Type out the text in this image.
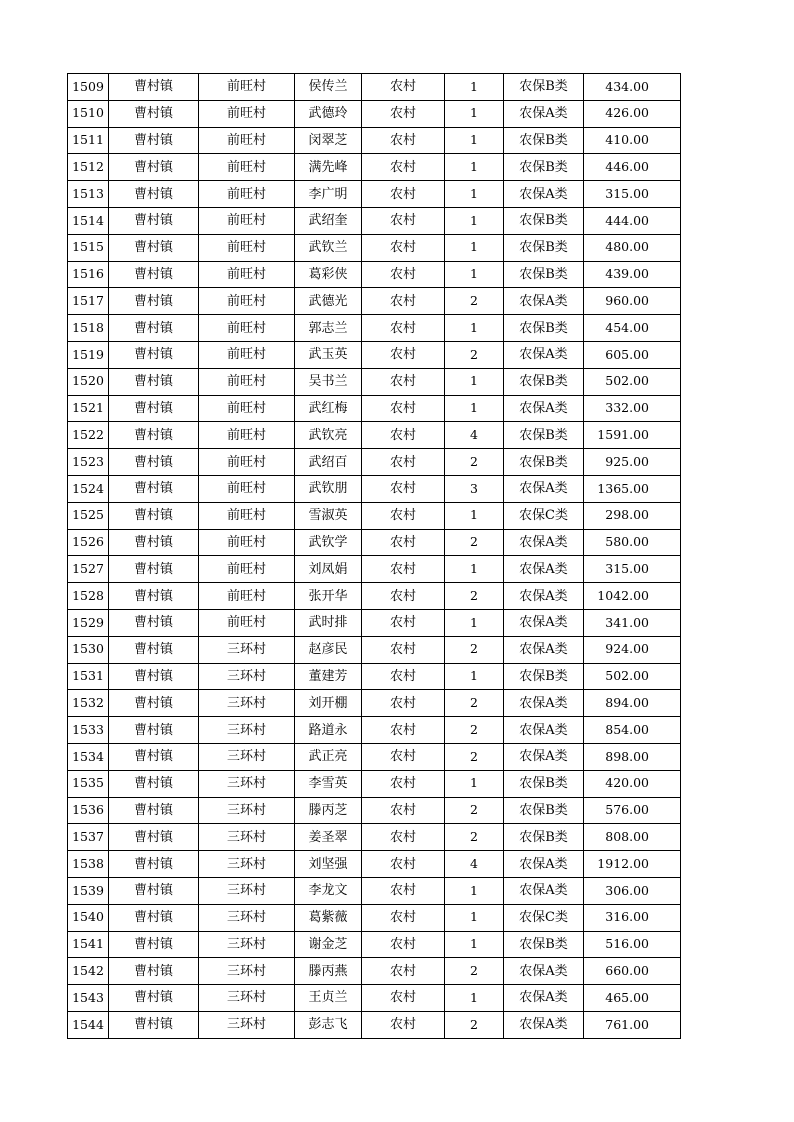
1509	曹村镇	前旺村	侯传兰	农村	1	农保B类	434.00
1510	曹村镇	前旺村	武德玲	农村	1	农保A类	426.00
1511	曹村镇	前旺村	闵翠芝	农村	1	农保B类	410.00
1512	曹村镇	前旺村	满先峰	农村	1	农保B类	446.00
1513	曹村镇	前旺村	李广明	农村	1	农保A类	315.00
1514	曹村镇	前旺村	武绍奎	农村	1	农保B类	444.00
1515	曹村镇	前旺村	武钦兰	农村	1	农保B类	480.00
1516	曹村镇	前旺村	葛彩侠	农村	1	农保B类	439.00
1517	曹村镇	前旺村	武德光	农村	2	农保A类	960.00
1518	曹村镇	前旺村	郭志兰	农村	1	农保B类	454.00
1519	曹村镇	前旺村	武玉英	农村	2	农保A类	605.00
1520	曹村镇	前旺村	吴书兰	农村	1	农保B类	502.00
1521	曹村镇	前旺村	武红梅	农村	1	农保A类	332.00
1522	曹村镇	前旺村	武钦亮	农村	4	农保B类	1591.00
1523	曹村镇	前旺村	武绍百	农村	2	农保B类	925.00
1524	曹村镇	前旺村	武钦朋	农村	3	农保A类	1365.00
1525	曹村镇	前旺村	雪淑英	农村	1	农保C类	298.00
1526	曹村镇	前旺村	武钦学	农村	2	农保A类	580.00
1527	曹村镇	前旺村	刘凤娟	农村	1	农保A类	315.00
1528	曹村镇	前旺村	张开华	农村	2	农保A类	1042.00
1529	曹村镇	前旺村	武时排	农村	1	农保A类	341.00
1530	曹村镇	三环村	赵彦民	农村	2	农保A类	924.00
1531	曹村镇	三环村	董建芳	农村	1	农保B类	502.00
1532	曹村镇	三环村	刘开棚	农村	2	农保A类	894.00
1533	曹村镇	三环村	路道永	农村	2	农保A类	854.00
1534	曹村镇	三环村	武正亮	农村	2	农保A类	898.00
1535	曹村镇	三环村	李雪英	农村	1	农保B类	420.00
1536	曹村镇	三环村	滕丙芝	农村	2	农保B类	576.00
1537	曹村镇	三环村	姜圣翠	农村	2	农保B类	808.00
1538	曹村镇	三环村	刘坚强	农村	4	农保A类	1912.00
1539	曹村镇	三环村	李龙文	农村	1	农保A类	306.00
1540	曹村镇	三环村	葛紫薇	农村	1	农保C类	316.00
1541	曹村镇	三环村	谢金芝	农村	1	农保B类	516.00
1542	曹村镇	三环村	滕丙燕	农村	2	农保A类	660.00
1543	曹村镇	三环村	王贞兰	农村	1	农保A类	465.00
1544	曹村镇	三环村	彭志飞	农村	2	农保A类	761.00
